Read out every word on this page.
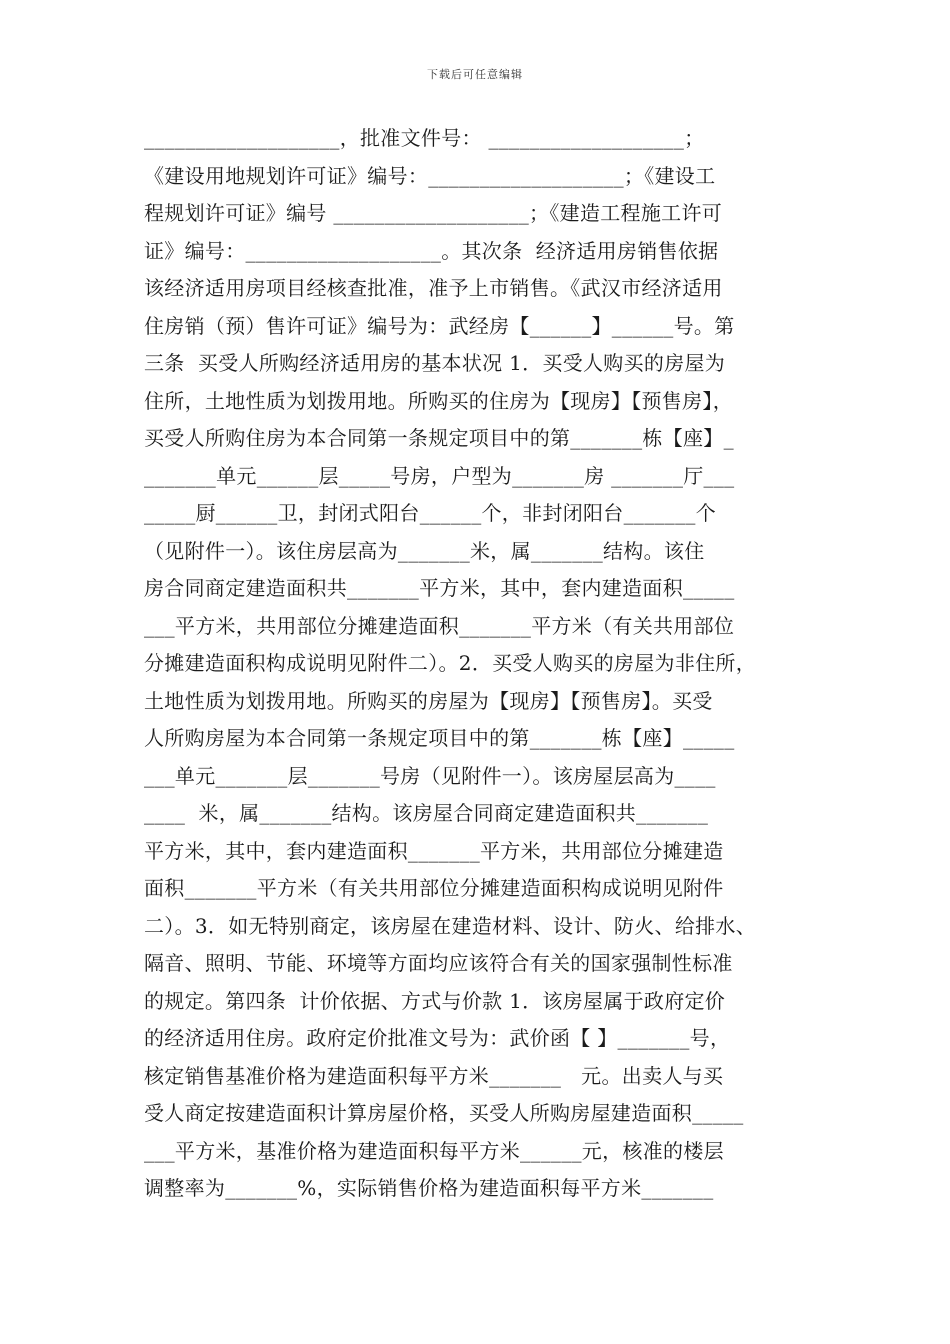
下载后可任意编辑
___________________，批准文件号： ___________________；
《建设用地规划许可证》编号：___________________；《建设工
程规划许可证》编号 ___________________；《建造工程施工许可
证》编号：___________________。其次条  经济适用房销售依据
该经济适用房项目经核查批准，准予上市销售。《武汉市经济适用
住房销（预）售许可证》编号为：武经房【______】______号。第
三条  买受人所购经济适用房的基本状况 1．买受人购买的房屋为
住所，土地性质为划拨用地。所购买的住房为【现房】【预售房】，
买受人所购住房为本合同第一条规定项目中的第_______栋【座】_
_______单元______层_____号房，户型为_______房 _______厅___
_____厨______卫，封闭式阳台______个，非封闭阳台_______个
（见附件一）。该住房层高为_______米，属_______结构。该住
房合同商定建造面积共_______平方米，其中，套内建造面积_____
___平方米，共用部位分摊建造面积_______平方米（有关共用部位
分摊建造面积构成说明见附件二）。2．买受人购买的房屋为非住所，
土地性质为划拨用地。所购买的房屋为【现房】【预售房】。买受
人所购房屋为本合同第一条规定项目中的第_______栋【座】_____
___单元_______层_______号房（见附件一）。该房屋层高为____
____  米，属_______结构。该房屋合同商定建造面积共_______
平方米，其中，套内建造面积_______平方米，共用部位分摊建造
面积_______平方米（有关共用部位分摊建造面积构成说明见附件
二）。3．如无特别商定，该房屋在建造材料、设计、防火、给排水、
隔音、照明、节能、环境等方面均应该符合有关的国家强制性标准
的规定。第四条  计价依据、方式与价款 1．该房屋属于政府定价
的经济适用住房。政府定价批准文号为：武价函【 】_______号，
核定销售基准价格为建造面积每平方米_______   元。出卖人与买
受人商定按建造面积计算房屋价格，买受人所购房屋建造面积_____
___平方米，基准价格为建造面积每平方米______元，核准的楼层
调整率为_______%，实际销售价格为建造面积每平方米_______
